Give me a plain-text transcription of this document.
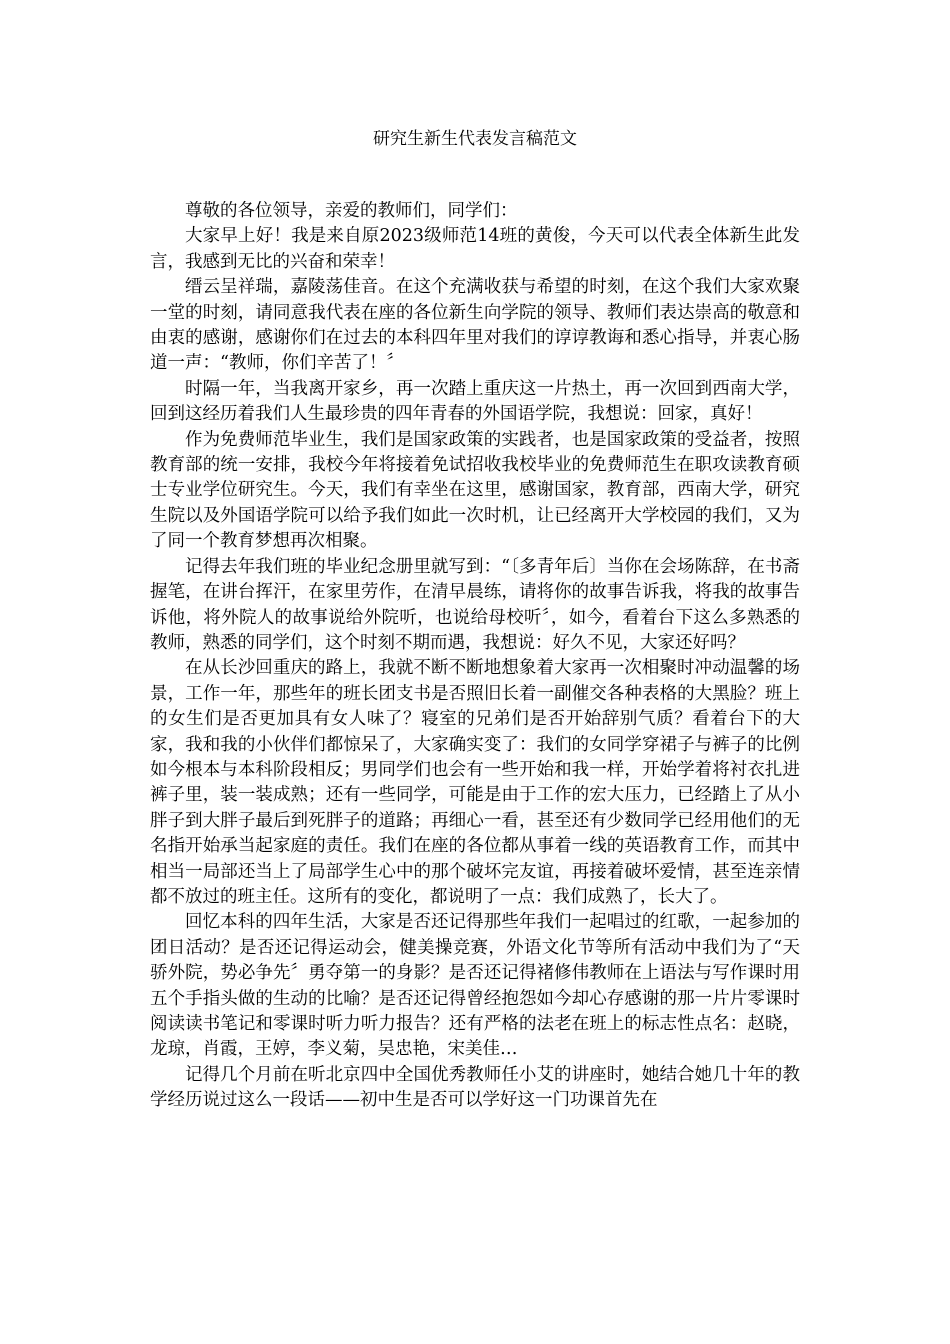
研究生新生代表发言稿范文

尊敬的各位领导，亲爱的教师们，同学们：

大家早上好！我是来自原2023级师范14班的黄俊，今天可以代表全体新生此发言，我感到无比的兴奋和荣幸！

缙云呈祥瑞，嘉陵荡佳音。在这个充满收获与希望的时刻，在这个我们大家欢聚一堂的时刻，请同意我代表在座的各位新生向学院的领导、教师们表达崇高的敬意和由衷的感谢，感谢你们在过去的本科四年里对我们的谆谆教诲和悉心指导，并衷心肠道一声：“教师，你们辛苦了！〞

时隔一年，当我离开家乡，再一次踏上重庆这一片热土，再一次回到西南大学，回到这经历着我们人生最珍贵的四年青春的外国语学院，我想说：回家，真好！

作为免费师范毕业生，我们是国家政策的实践者，也是国家政策的受益者，按照教育部的统一安排，我校今年将接着免试招收我校毕业的免费师范生在职攻读教育硕士专业学位研究生。今天，我们有幸坐在这里，感谢国家，教育部，西南大学，研究生院以及外国语学院可以给予我们如此一次时机，让已经离开大学校园的我们，又为了同一个教育梦想再次相聚。

记得去年我们班的毕业纪念册里就写到：“〔多青年后〕当你在会场陈辞，在书斋握笔，在讲台挥汗，在家里劳作，在清早晨练，请将你的故事告诉我，将我的故事告诉他，将外院人的故事说给外院听，也说给母校听〞，如今，看着台下这么多熟悉的教师，熟悉的同学们，这个时刻不期而遇，我想说：好久不见，大家还好吗？

在从长沙回重庆的路上，我就不断不断地想象着大家再一次相聚时冲动温馨的场景，工作一年，那些年的班长团支书是否照旧长着一副催交各种表格的大黑脸？班上的女生们是否更加具有女人味了？寝室的兄弟们是否开始辞别气质？看着台下的大家，我和我的小伙伴们都惊呆了，大家确实变了：我们的女同学穿裙子与裤子的比例如今根本与本科阶段相反；男同学们也会有一些开始和我一样，开始学着将衬衣扎进裤子里，装一装成熟；还有一些同学，可能是由于工作的宏大压力，已经踏上了从小胖子到大胖子最后到死胖子的道路；再细心一看，甚至还有少数同学已经用他们的无名指开始承当起家庭的责任。我们在座的各位都从事着一线的英语教育工作，而其中相当一局部还当上了局部学生心中的那个破坏完友谊，再接着破坏爱情，甚至连亲情都不放过的班主任。这所有的变化，都说明了一点：我们成熟了，长大了。

回忆本科的四年生活，大家是否还记得那些年我们一起唱过的红歌，一起参加的团日活动？是否还记得运动会，健美操竞赛，外语文化节等所有活动中我们为了“天骄外院，势必争先〞勇夺第一的身影？是否还记得褚修伟教师在上语法与写作课时用五个手指头做的生动的比喻？是否还记得曾经抱怨如今却心存感谢的那一片片零课时阅读读书笔记和零课时听力听力报告？还有严格的法老在班上的标志性点名：赵晓，龙琼，肖霞，王婷，李义菊，吴忠艳，宋美佳…

记得几个月前在听北京四中全国优秀教师任小艾的讲座时，她结合她几十年的教学经历说过这么一段话——初中生是否可以学好这一门功课首先在
